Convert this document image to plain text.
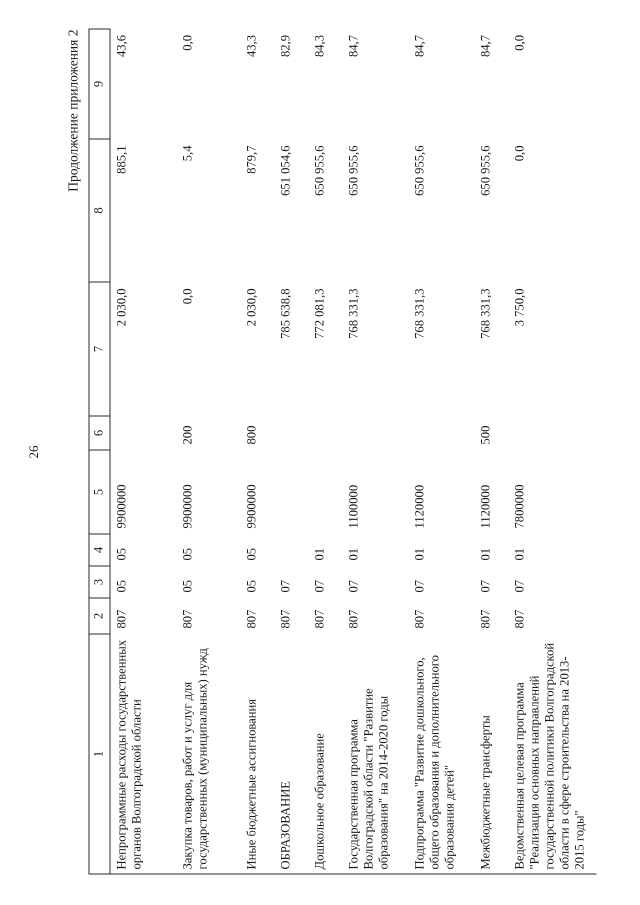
26
Продолжение приложения 2
1	2	3	4	5	6	7	8	9
Непрограммные расходы государственных органов Волгоградской области	807	05	05	9900000		2 030,0	885,1	43,6
Закупка товаров, работ и услуг для государственных (муниципальных) нужд	807	05	05	9900000	200	0,0	5,4	0,0
Иные бюджетные ассигнования	807	05	05	9900000	800	2 030,0	879,7	43,3
ОБРАЗОВАНИЕ	807	07				785 638,8	651 054,6	82,9
Дошкольное образование	807	07	01			772 081,3	650 955,6	84,3
Государственная программа Волгоградской области "Развитие образования" на 2014-2020 годы	807	07	01	1100000		768 331,3	650 955,6	84,7
Подпрограмма "Развитие дошкольного, общего образования и дополнительного образования детей"	807	07	01	1120000		768 331,3	650 955,6	84,7
Межбюджетные трансферты	807	07	01	1120000	500	768 331,3	650 955,6	84,7
Ведомственная целевая программа "Реализация основных направлений государственной политики Волгоградской области в сфере строительства на 2013-2015 годы"	807	07	01	7800000		3 750,0	0,0	0,0
